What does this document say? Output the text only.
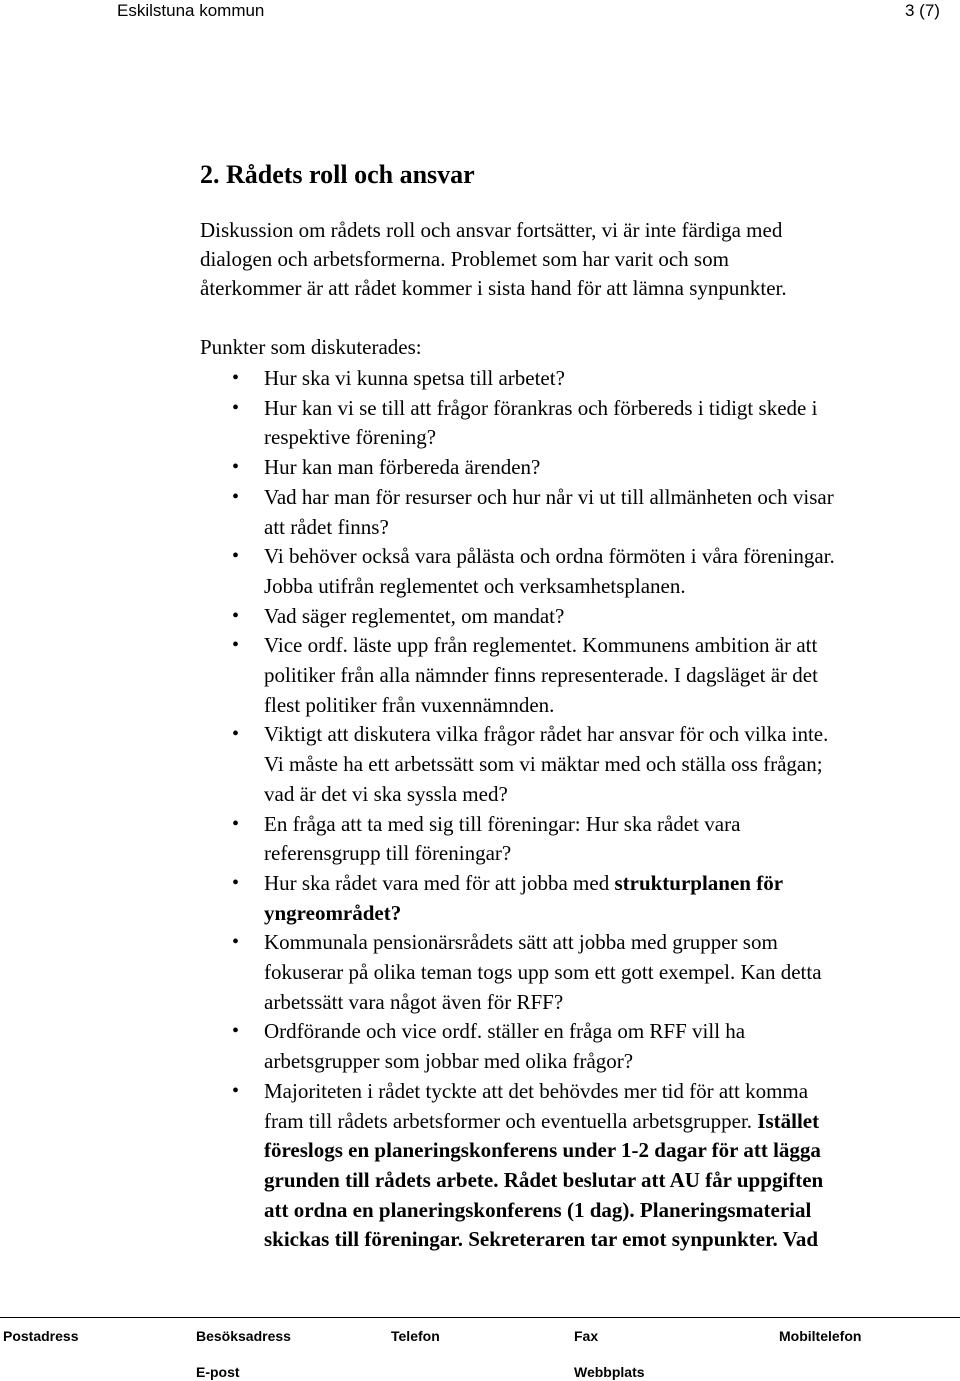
Eskilstuna kommun	3 (7)
2. Rådets roll och ansvar
Diskussion om rådets roll och ansvar fortsätter, vi är inte färdiga med
dialogen och arbetsformerna. Problemet som har varit och som
återkommer är att rådet kommer i sista hand för att lämna synpunkter.
Punkter som diskuterades:
• Hur ska vi kunna spetsa till arbetet?
• Hur kan vi se till att frågor förankras och förbereds i tidigt skede i
respektive förening?
• Hur kan man förbereda ärenden?
• Vad har man för resurser och hur når vi ut till allmänheten och visar
att rådet finns?
• Vi behöver också vara pålästa och ordna förmöten i våra föreningar.
Jobba utifrån reglementet och verksamhetsplanen.
• Vad säger reglementet, om mandat?
• Vice ordf. läste upp från reglementet. Kommunens ambition är att
politiker från alla nämnder finns representerade. I dagsläget är det
flest politiker från vuxennämnden.
• Viktigt att diskutera vilka frågor rådet har ansvar för och vilka inte.
Vi måste ha ett arbetssätt som vi mäktar med och ställa oss frågan;
vad är det vi ska syssla med?
• En fråga att ta med sig till föreningar: Hur ska rådet vara
referensgrupp till föreningar?
• Hur ska rådet vara med för att jobba med strukturplanen för
yngreområdet?
• Kommunala pensionärsrådets sätt att jobba med grupper som
fokuserar på olika teman togs upp som ett gott exempel. Kan detta
arbetssätt vara något även för RFF?
• Ordförande och vice ordf. ställer en fråga om RFF vill ha
arbetsgrupper som jobbar med olika frågor?
• Majoriteten i rådet tyckte att det behövdes mer tid för att komma
fram till rådets arbetsformer och eventuella arbetsgrupper. Istället
föreslogs en planeringskonferens under 1-2 dagar för att lägga
grunden till rådets arbete. Rådet beslutar att AU får uppgiften
att ordna en planeringskonferens (1 dag). Planeringsmaterial
skickas till föreningar. Sekreteraren tar emot synpunkter. Vad
Postadress	Besöksadress	Telefon	Fax	Mobiltelefon
E-post	Webbplats
